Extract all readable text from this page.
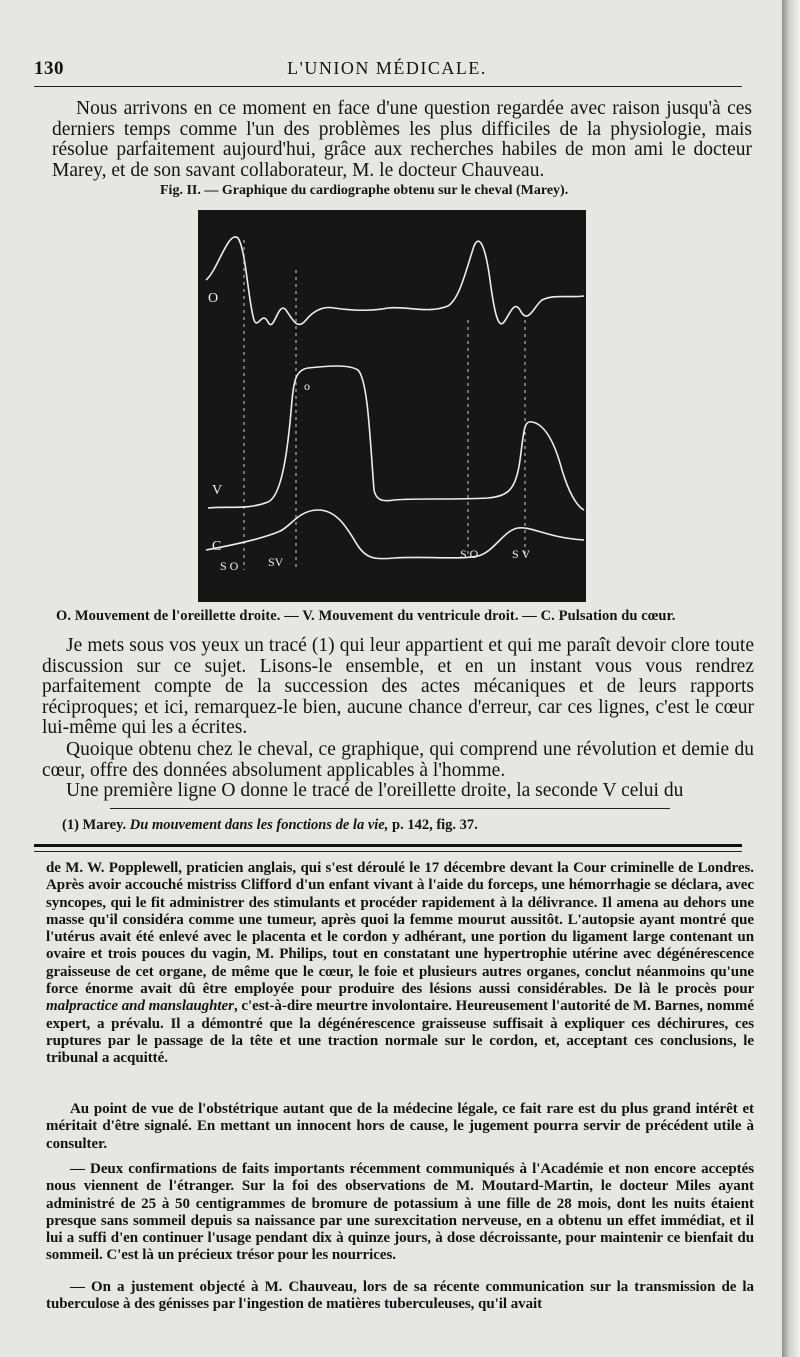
130	L'UNION MÉDICALE.

Nous arrivons en ce moment en face d'une question regardée avec raison jusqu'à ces derniers temps comme l'un des problèmes les plus difficiles de la physiologie, mais résolue parfaitement aujourd'hui, grâce aux recherches habiles de mon ami le docteur Marey, et de son savant collaborateur, M. le docteur Chauveau.

Fig. II. — Graphique du cardiographe obtenu sur le cheval (Marey).
O
o
V
C
S O SV
S O	S V
O. Mouvement de l'oreillette droite. — V. Mouvement du ventricule droit. — C. Pulsation du cœur.

Je mets sous vos yeux un tracé (1) qui leur appartient et qui me paraît devoir clore toute discussion sur ce sujet. Lisons-le ensemble, et en un instant vous vous rendrez parfaitement compte de la succession des actes mécaniques et de leurs rapports réciproques; et ici, remarquez-le bien, aucune chance d'erreur, car ces lignes, c'est le cœur lui-même qui les a écrites.

Quoique obtenu chez le cheval, ce graphique, qui comprend une révolution et demie du cœur, offre des données absolument applicables à l'homme.

Une première ligne O donne le tracé de l'oreillette droite, la seconde V celui du

(1) Marey. Du mouvement dans les fonctions de la vie, p. 142, fig. 37.

de M. W. Popplewell, praticien anglais, qui s'est déroulé le 17 décembre devant la Cour criminelle de Londres. Après avoir accouché mistriss Clifford d'un enfant vivant à l'aide du forceps, une hémorrhagie se déclara, avec syncopes, qui le fit administrer des stimulants et procéder rapidement à la délivrance. Il amena au dehors une masse qu'il considéra comme une tumeur, après quoi la femme mourut aussitôt. L'autopsie ayant montré que l'utérus avait été enlevé avec le placenta et le cordon y adhérant, une portion du ligament large contenant un ovaire et trois pouces du vagin, M. Philips, tout en constatant une hypertrophie utérine avec dégénérescence graisseuse de cet organe, de même que le cœur, le foie et plusieurs autres organes, conclut néanmoins qu'une force énorme avait dû être employée pour produire des lésions aussi considérables. De là le procès pour malpractice and manslaughter, c'est-à-dire meurtre involontaire. Heureusement l'autorité de M. Barnes, nommé expert, a prévalu. Il a démontré que la dégénérescence graisseuse suffisait à expliquer ces déchirures, ces ruptures par le passage de la tête et une traction normale sur le cordon, et, acceptant ces conclusions, le tribunal a acquitté.

Au point de vue de l'obstétrique autant que de la médecine légale, ce fait rare est du plus grand intérêt et méritait d'être signalé. En mettant un innocent hors de cause, le jugement pourra servir de précédent utile à consulter.

— Deux confirmations de faits importants récemment communiqués à l'Académie et non encore acceptés nous viennent de l'étranger. Sur la foi des observations de M. Moutard-Martin, le docteur Miles ayant administré de 25 à 50 centigrammes de bromure de potassium à une fille de 28 mois, dont les nuits étaient presque sans sommeil depuis sa naissance par une surexcitation nerveuse, en a obtenu un effet immédiat, et il lui a suffi d'en continuer l'usage pendant dix à quinze jours, à dose décroissante, pour maintenir ce bienfait du sommeil. C'est là un précieux trésor pour les nourrices.

— On a justement objecté à M. Chauveau, lors de sa récente communication sur la transmission de la tuberculose à des génisses par l'ingestion de matières tuberculeuses, qu'il avait
